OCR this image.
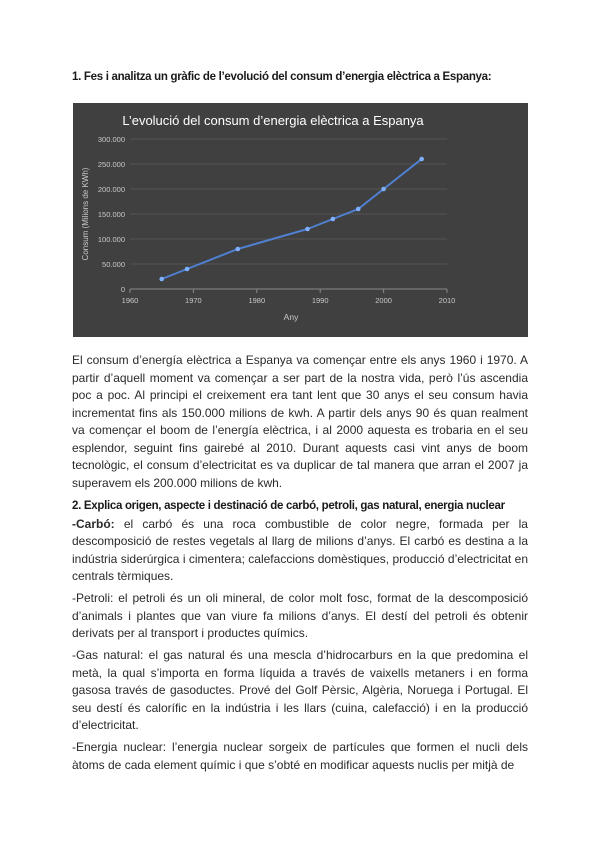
1. Fes i analitza un gràfic de l’evolució del consum d’energia elèctrica a Espanya:

L’evolució del consum d’energia elèctrica a Espanya
Consum (Milions de KWh)
Any
0
50.000
100.000
150.000
200.000
250.000
300.000
1960	1970	1980	1990	2000	2010

El consum d’energía elèctrica a Espanya va començar entre els anys 1960 i 1970. A partir d’aquell moment va començar a ser part de la nostra vida, però l’ús ascendia poc a poc. Al principi el creixement era tant lent que 30 anys el seu consum havia incrementat fins als 150.000 milions de kwh. A partir dels anys 90 és quan realment va començar el boom de l’energía elèctrica, i al 2000 aquesta es trobaria en el seu esplendor, seguint fins gairebé al 2010. Durant aquests casi vint anys de boom tecnològic, el consum d’electricitat es va duplicar de tal manera que arran el 2007 ja superavem els 200.000 milions de kwh.

2. Explica origen, aspecte i destinació de carbó, petroli, gas natural, energia nuclear

-Carbó: el carbó és una roca combustible de color negre, formada per la descomposició de restes vegetals al llarg de milions d’anys. El carbó es destina a la indústria siderúrgica i cimentera; calefaccions domèstiques, producció d’electricitat en centrals tèrmiques.

-Petroli: el petroli és un oli mineral, de color molt fosc, format de la descomposició d’animals i plantes que van viure fa milions d’anys. El destí del petroli és obtenir derivats per al transport i productes químics.

-Gas natural: el gas natural és una mescla d’hidrocarburs en la que predomina el metà, la qual s’importa en forma líquida a través de vaixells metaners i en forma gasosa través de gasoductes. Prové del Golf Pèrsic, Algèria, Noruega i Portugal. El seu destí és calorífic en la indústria i les llars (cuina, calefacció) i en la producció d’electricitat.

-Energia nuclear: l’energia nuclear sorgeix de partícules que formen el nucli dels àtoms de cada element químic i que s’obté en modificar aquests nuclis per mitjà de
